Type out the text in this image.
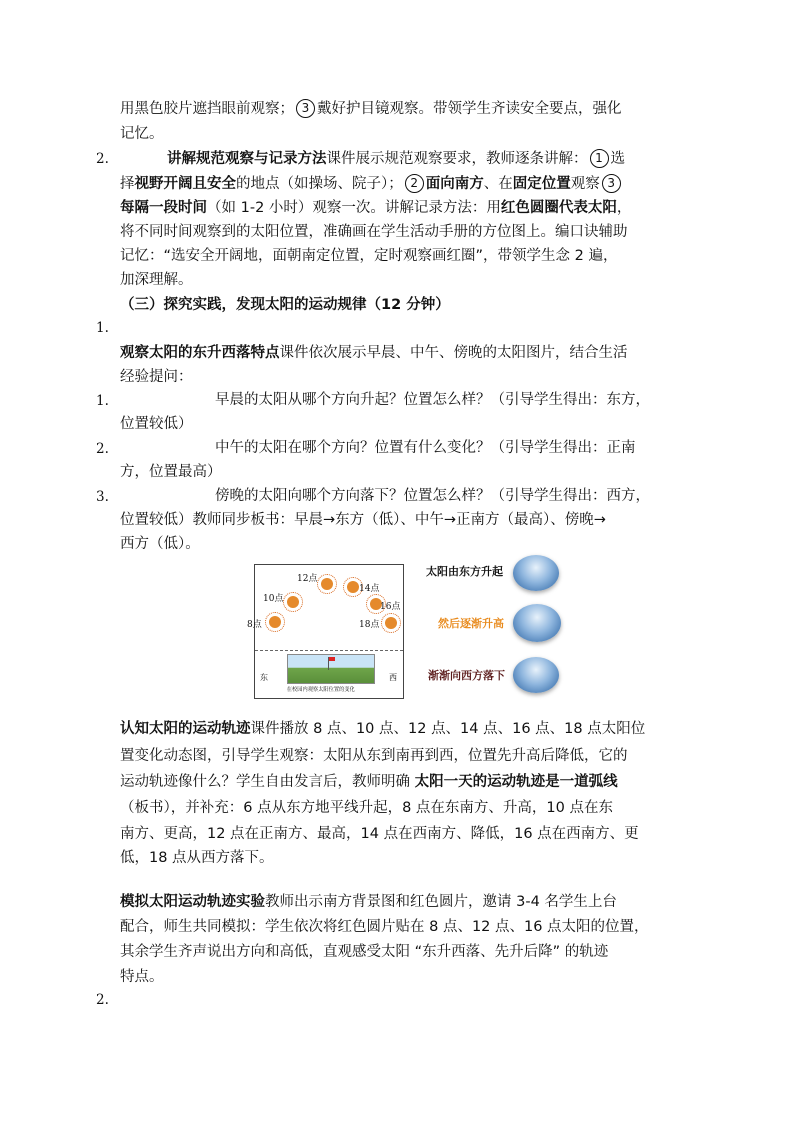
用黑色胶片遮挡眼前观察； 3 戴好护目镜观察。带领学生齐读安全要点，强化
记忆。
2.	讲解规范观察与记录方法课件展示规范观察要求，教师逐条讲解： 1 选
择视野开阔且安全的地点（如操场、院子）； 2 面向南方、在固定位置观察 3
每隔一段时间（如 1-2 小时）观察一次。讲解记录方法：用红色圆圈代表太阳，
将不同时间观察到的太阳位置，准确画在学生活动手册的方位图上。编口诀辅助
记忆：“选安全开阔地，面朝南定位置，定时观察画红圈”，带领学生念 2 遍，
加深理解。
（三）探究实践，发现太阳的运动规律（12 分钟）
1.
观察太阳的东升西落特点课件依次展示早晨、中午、傍晚的太阳图片，结合生活
经验提问：
1.	早晨的太阳从哪个方向升起？位置怎么样？（引导学生得出：东方，
位置较低）
2.	中午的太阳在哪个方向？位置有什么变化？（引导学生得出：正南
方，位置最高）
3.	傍晚的太阳向哪个方向落下？位置怎么样？（引导学生得出：西方，
位置较低）教师同步板书：早晨→东方（低）、中午→正南方（最高）、傍晚→
西方（低）。
8点
10点
12点
14点
16点
18点
东	西
在校园内观察太阳位置的变化
太阳由东方升起
然后逐渐升高
渐渐向西方落下
认知太阳的运动轨迹课件播放 8 点、10 点、12 点、14 点、16 点、18 点太阳位
置变化动态图，引导学生观察：太阳从东到南再到西，位置先升高后降低，它的
运动轨迹像什么？学生自由发言后，教师明确 太阳一天的运动轨迹是一道弧线
（板书），并补充：6 点从东方地平线升起，8 点在东南方、升高，10 点在东
南方、更高，12 点在正南方、最高，14 点在西南方、降低，16 点在西南方、更
低，18 点从西方落下。
模拟太阳运动轨迹实验教师出示南方背景图和红色圆片，邀请 3-4 名学生上台
配合，师生共同模拟：学生依次将红色圆片贴在 8 点、12 点、16 点太阳的位置，
其余学生齐声说出方向和高低，直观感受太阳 “东升西落、先升后降” 的轨迹
特点。
2.
